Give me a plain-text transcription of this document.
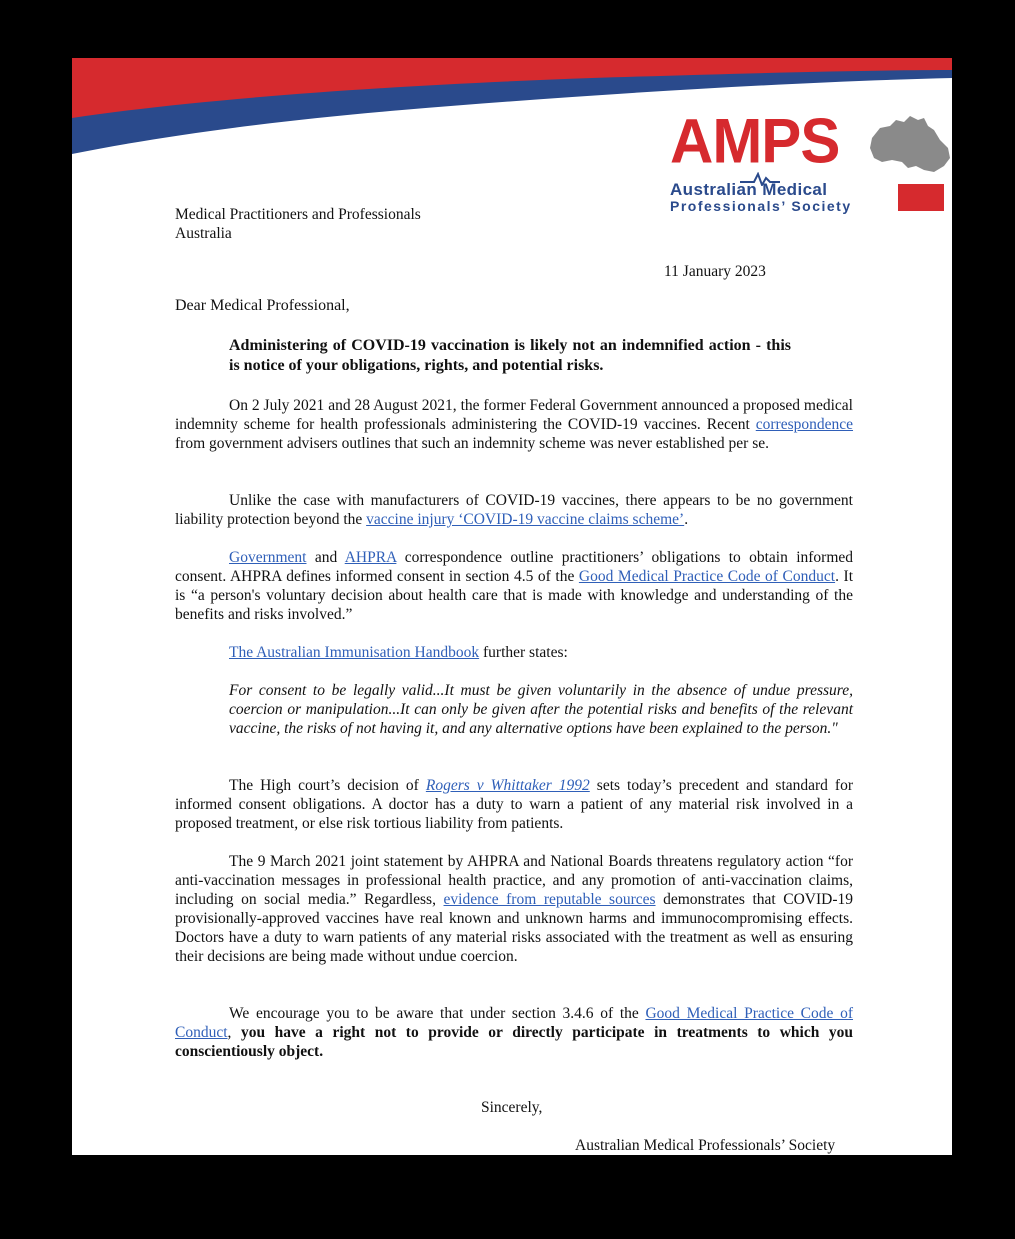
AMPS
Australian Medical
Professionals’ Society
Medical Practitioners and Professionals
Australia
11 January 2023
Dear Medical Professional,
Administering of COVID-19 vaccination is likely not an indemnified action - this is notice of your obligations, rights, and potential risks.
On 2 July 2021 and 28 August 2021, the former Federal Government announced a proposed medical indemnity scheme for health professionals administering the COVID-19 vaccines. Recent correspondence from government advisers outlines that such an indemnity scheme was never established per se.
Unlike the case with manufacturers of COVID-19 vaccines, there appears to be no government liability protection beyond the vaccine injury ‘COVID-19 vaccine claims scheme’.
Government and AHPRA correspondence outline practitioners’ obligations to obtain informed consent. AHPRA defines informed consent in section 4.5 of the Good Medical Practice Code of Conduct. It is “a person's voluntary decision about health care that is made with knowledge and understanding of the benefits and risks involved.”
The Australian Immunisation Handbook further states:
For consent to be legally valid...It must be given voluntarily in the absence of undue pressure, coercion or manipulation...It can only be given after the potential risks and benefits of the relevant vaccine, the risks of not having it, and any alternative options have been explained to the person."
The High court’s decision of Rogers v Whittaker 1992 sets today’s precedent and standard for informed consent obligations. A doctor has a duty to warn a patient of any material risk involved in a proposed treatment, or else risk tortious liability from patients.
The 9 March 2021 joint statement by AHPRA and National Boards threatens regulatory action “for anti-vaccination messages in professional health practice, and any promotion of anti-vaccination claims, including on social media.” Regardless, evidence from reputable sources demonstrates that COVID-19 provisionally-approved vaccines have real known and unknown harms and immunocompromising effects. Doctors have a duty to warn patients of any material risks associated with the treatment as well as ensuring their decisions are being made without undue coercion.
We encourage you to be aware that under section 3.4.6 of the Good Medical Practice Code of Conduct, you have a right not to provide or directly participate in treatments to which you conscientiously object.
Sincerely,
Australian Medical Professionals’ Society
